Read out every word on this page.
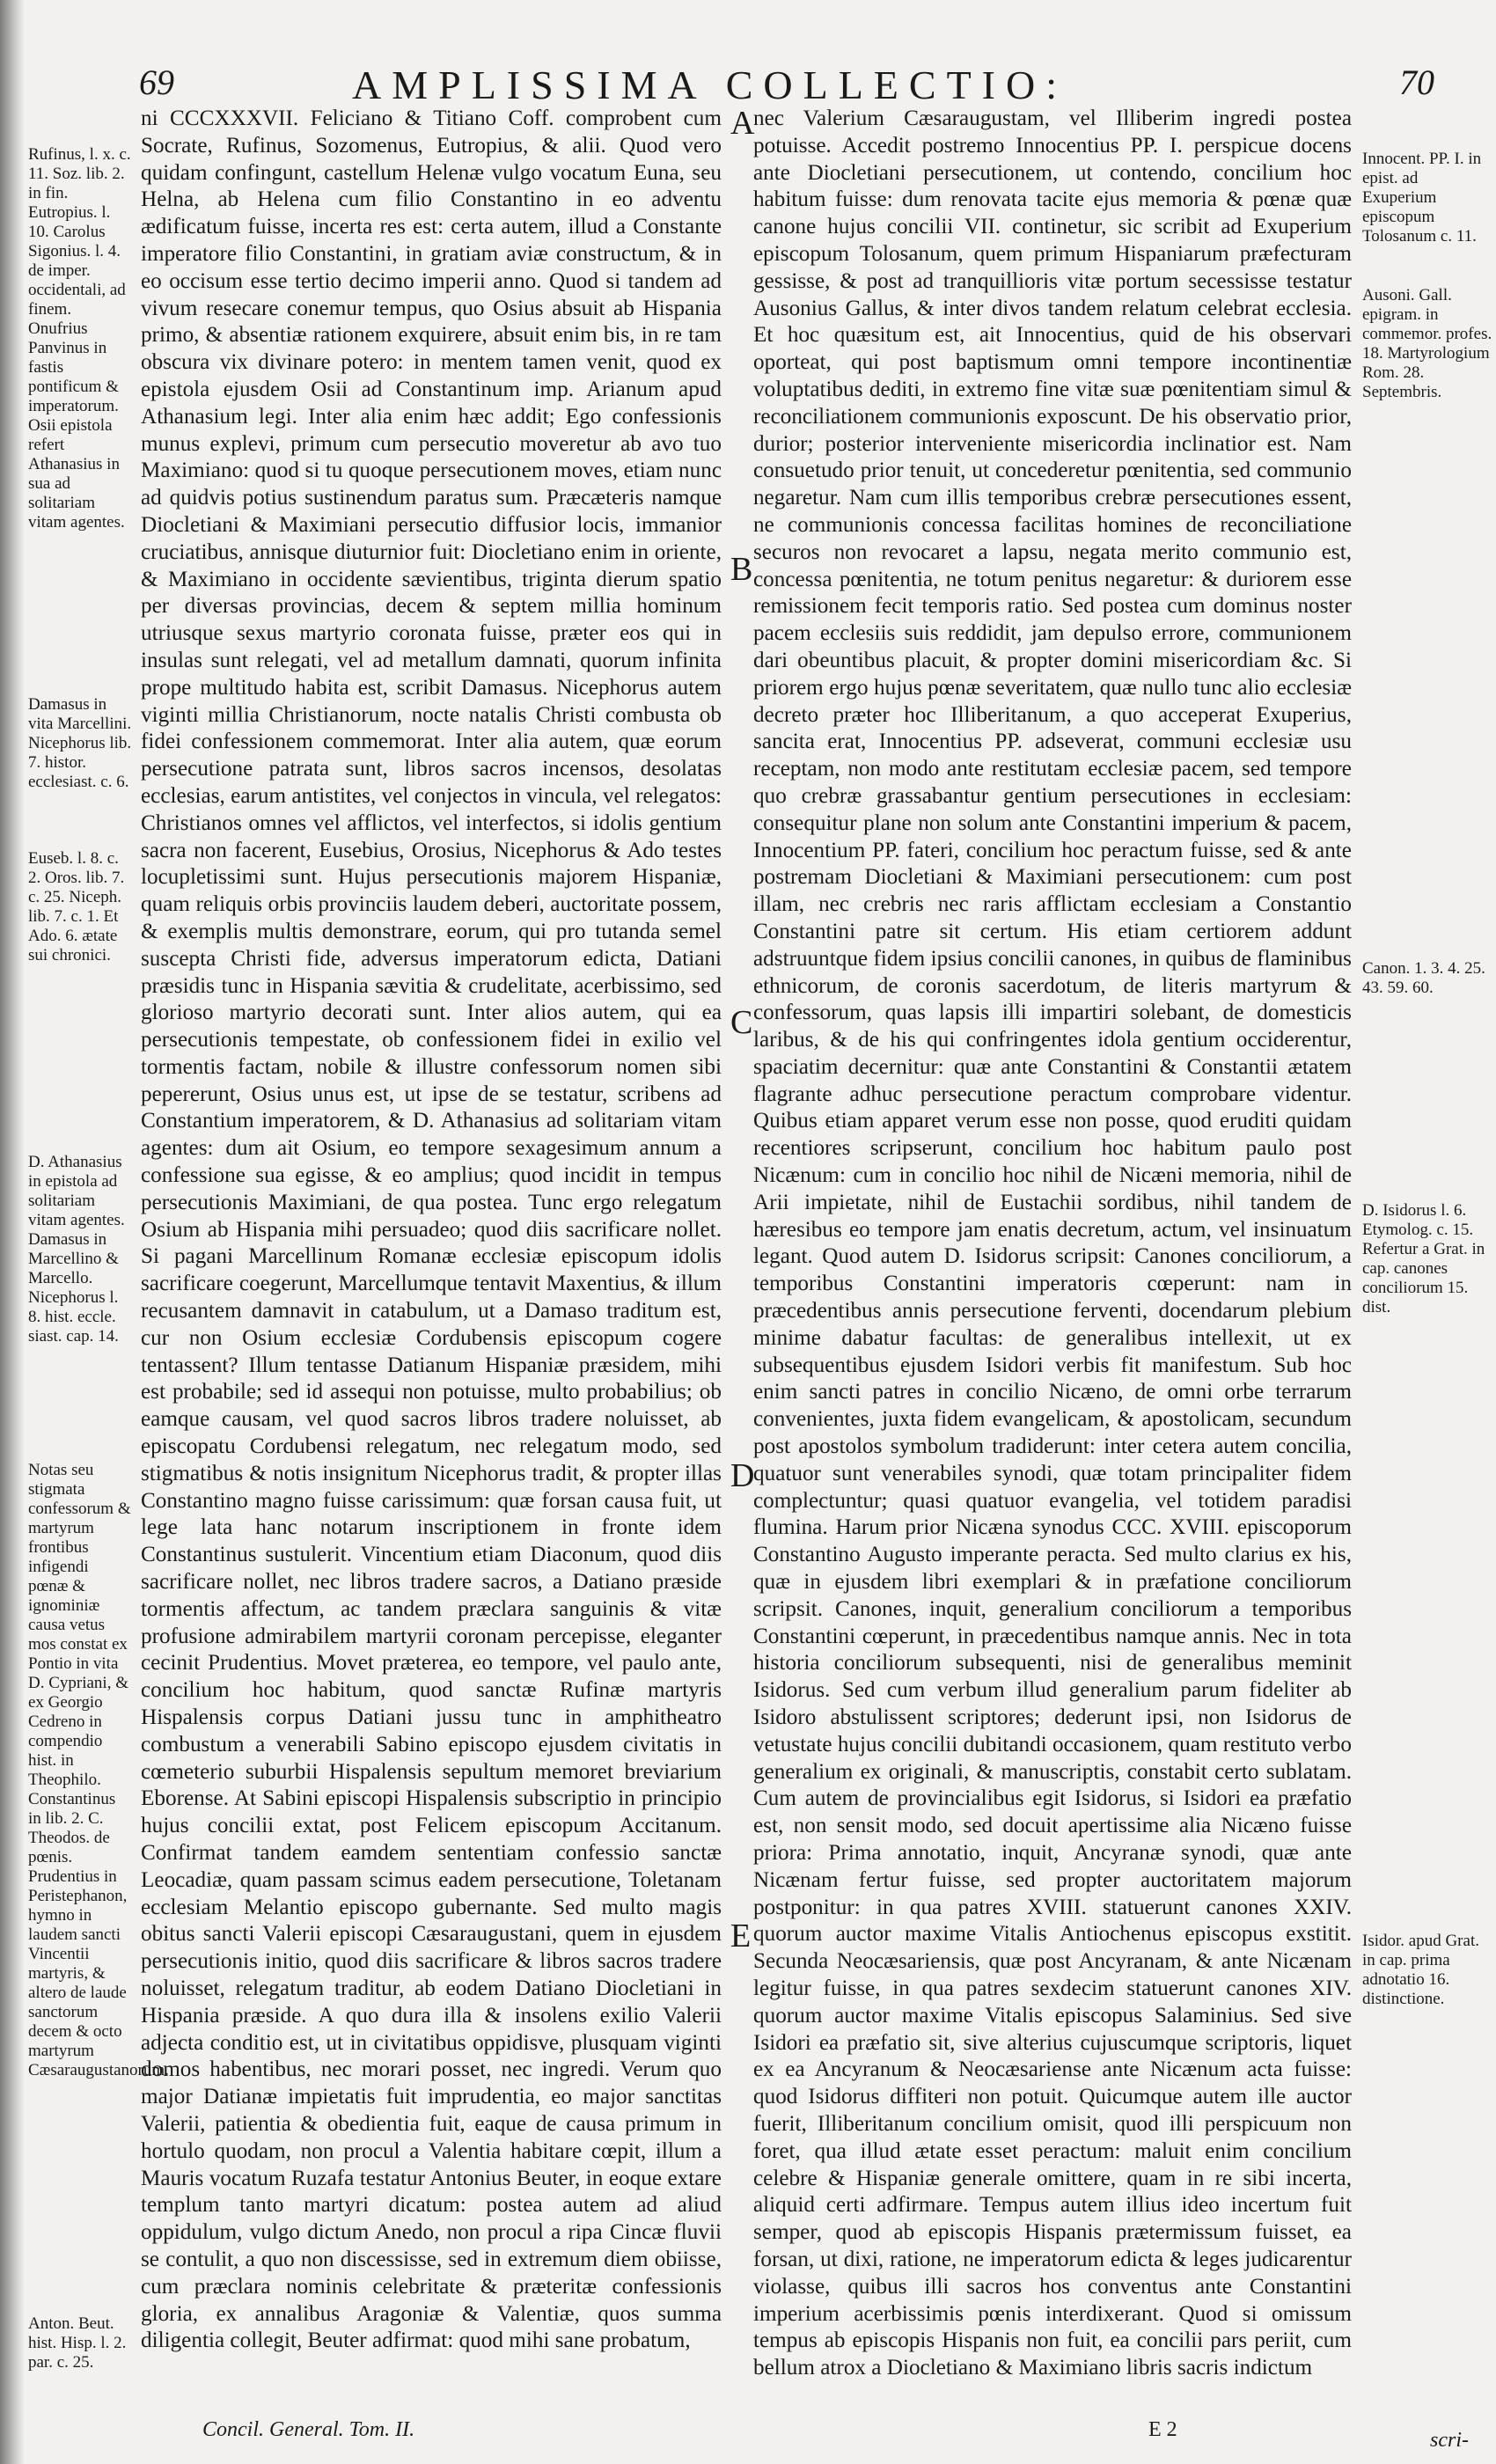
69	AMPLISSIMA COLLECTIO:	70

ni CCCXXXVII. Feliciano & Titiano Coff. comprobent cum Socrate, Rufinus, Sozomenus, Eutropius, & alii. Quod vero quidam confingunt, castellum Helenæ vulgo vocatum Euna, seu Helna, ab Helena cum filio Constantino in eo adventu ædificatum fuisse, incerta res est: certa autem, illud a Constante imperatore filio Constantini, in gratiam aviæ constructum, & in eo occisum esse tertio decimo imperii anno. Quod si tandem ad vivum resecare conemur tempus, quo Osius absuit ab Hispania primo, & absentiæ rationem exquirere, absuit enim bis, in re tam obscura vix divinare potero: in mentem tamen venit, quod ex epistola ejusdem Osii ad Constantinum imp. Arianum apud Athanasium legi. Inter alia enim hæc addit; Ego confessionis munus explevi, primum cum persecutio moveretur ab avo tuo Maximiano: quod si tu quoque persecutionem moves, etiam nunc ad quidvis potius sustinendum paratus sum. Præcæteris namque Diocletiani & Maximiani persecutio diffusior locis, immanior cruciatibus, annisque diuturnior fuit: Diocletiano enim in oriente, & Maximiano in occidente sævientibus, triginta dierum spatio per diversas provincias, decem & septem millia hominum utriusque sexus martyrio coronata fuisse, præter eos qui in insulas sunt relegati, vel ad metallum damnati, quorum infinita prope multitudo habita est, scribit Damasus. Nicephorus autem viginti millia Christianorum, nocte natalis Christi combusta ob fidei confessionem commemorat. Inter alia autem, quæ eorum persecutione patrata sunt, libros sacros incensos, desolatas ecclesias, earum antistites, vel conjectos in vincula, vel relegatos: Christianos omnes vel afflictos, vel interfectos, si idolis gentium sacra non facerent, Eusebius, Orosius, Nicephorus & Ado testes locupletissimi sunt. Hujus persecutionis majorem Hispaniæ, quam reliquis orbis provinciis laudem deberi, auctoritate possem, & exemplis multis demonstrare, eorum, qui pro tutanda semel suscepta Christi fide, adversus imperatorum edicta, Datiani præsidis tunc in Hispania sævitia & crudelitate, acerbissimo, sed glorioso martyrio decorati sunt. Inter alios autem, qui ea persecutionis tempestate, ob confessionem fidei in exilio vel tormentis factam, nobile & illustre confessorum nomen sibi pepererunt, Osius unus est, ut ipse de se testatur, scribens ad Constantium imperatorem, & D. Athanasius ad solitariam vitam agentes: dum ait Osium, eo tempore sexagesimum annum a confessione sua egisse, & eo amplius; quod incidit in tempus persecutionis Maximiani, de qua postea. Tunc ergo relegatum Osium ab Hispania mihi persuadeo; quod diis sacrificare nollet. Si pagani Marcellinum Romanæ ecclesiæ episcopum idolis sacrificare coegerunt, Marcellumque tentavit Maxentius, & illum recusantem damnavit in catabulum, ut a Damaso traditum est, cur non Osium ecclesiæ Cordubensis episcopum cogere tentassent? Illum tentasse Datianum Hispaniæ præsidem, mihi est probabile; sed id assequi non potuisse, multo probabilius; ob eamque causam, vel quod sacros libros tradere noluisset, ab episcopatu Cordubensi relegatum, nec relegatum modo, sed stigmatibus & notis insignitum Nicephorus tradit, & propter illas Constantino magno fuisse carissimum: quæ forsan causa fuit, ut lege lata hanc notarum inscriptionem in fronte idem Constantinus sustulerit. Vincentium etiam Diaconum, quod diis sacrificare nollet, nec libros tradere sacros, a Datiano præside tormentis affectum, ac tandem præclara sanguinis & vitæ profusione admirabilem martyrii coronam percepisse, eleganter cecinit Prudentius. Movet præterea, eo tempore, vel paulo ante, concilium hoc habitum, quod sanctæ Rufinæ martyris Hispalensis corpus Datiani jussu tunc in amphitheatro combustum a venerabili Sabino episcopo ejusdem civitatis in cœmeterio suburbii Hispalensis sepultum memoret breviarium Eborense. At Sabini episcopi Hispalensis subscriptio in principio hujus concilii extat, post Felicem episcopum Accitanum. Confirmat tandem eamdem sententiam confessio sanctæ Leocadiæ, quam passam scimus eadem persecutione, Toletanam ecclesiam Melantio episcopo gubernante. Sed multo magis obitus sancti Valerii episcopi Cæsaraugustani, quem in ejusdem persecutionis initio, quod diis sacrificare & libros sacros tradere noluisset, relegatum traditur, ab eodem Datiano Diocletiani in Hispania præside. A quo dura illa & insolens exilio Valerii adjecta conditio est, ut in civitatibus oppidisve, plusquam viginti domos habentibus, nec morari posset, nec ingredi. Verum quo major Datianæ impietatis fuit imprudentia, eo major sanctitas Valerii, patientia & obedientia fuit, eaque de causa primum in hortulo quodam, non procul a Valentia habitare cœpit, illum a Mauris vocatum Ruzafa testatur Antonius Beuter, in eoque extare templum tanto martyri dicatum: postea autem ad aliud oppidulum, vulgo dictum Anedo, non procul a ripa Cincæ fluvii se contulit, a quo non discessisse, sed in extremum diem obiisse, cum præclara nominis celebritate & præteritæ confessionis gloria, ex annalibus Aragoniæ & Valentiæ, quos summa diligentia collegit, Beuter adfirmat: quod mihi sane probatum,

nec Valerium Cæsaraugustam, vel Illiberim ingredi postea potuisse. Accedit postremo Innocentius PP. I. perspicue docens ante Diocletiani persecutionem, ut contendo, concilium hoc habitum fuisse: dum renovata tacite ejus memoria & pœnæ quæ canone hujus concilii VII. continetur, sic scribit ad Exuperium episcopum Tolosanum, quem primum Hispaniarum præfecturam gessisse, & post ad tranquillioris vitæ portum secessisse testatur Ausonius Gallus, & inter divos tandem relatum celebrat ecclesia. Et hoc quæsitum est, ait Innocentius, quid de his observari oporteat, qui post baptismum omni tempore incontinentiæ voluptatibus dediti, in extremo fine vitæ suæ pœnitentiam simul & reconciliationem communionis exposcunt. De his observatio prior, durior; posterior interveniente misericordia inclinatior est. Nam consuetudo prior tenuit, ut concederetur pœnitentia, sed communio negaretur. Nam cum illis temporibus crebræ persecutiones essent, ne communionis concessa facilitas homines de reconciliatione securos non revocaret a lapsu, negata merito communio est, concessa pœnitentia, ne totum penitus negaretur: & duriorem esse remissionem fecit temporis ratio. Sed postea cum dominus noster pacem ecclesiis suis reddidit, jam depulso errore, communionem dari obeuntibus placuit, & propter domini misericordiam &c. Si priorem ergo hujus pœnæ severitatem, quæ nullo tunc alio ecclesiæ decreto præter hoc Illiberitanum, a quo acceperat Exuperius, sancita erat, Innocentius PP. adseverat, communi ecclesiæ usu receptam, non modo ante restitutam ecclesiæ pacem, sed tempore quo crebræ grassabantur gentium persecutiones in ecclesiam: consequitur plane non solum ante Constantini imperium & pacem, Innocentium PP. fateri, concilium hoc peractum fuisse, sed & ante postremam Diocletiani & Maximiani persecutionem: cum post illam, nec crebris nec raris afflictam ecclesiam a Constantio Constantini patre sit certum. His etiam certiorem addunt adstruuntque fidem ipsius concilii canones, in quibus de flaminibus ethnicorum, de coronis sacerdotum, de literis martyrum & confessorum, quas lapsis illi impartiri solebant, de domesticis laribus, & de his qui confringentes idola gentium occiderentur, spaciatim decernitur: quæ ante Constantini & Constantii ætatem flagrante adhuc persecutione peractum comprobare videntur. Quibus etiam apparet verum esse non posse, quod eruditi quidam recentiores scripserunt, concilium hoc habitum paulo post Nicænum: cum in concilio hoc nihil de Nicæni memoria, nihil de Arii impietate, nihil de Eustachii sordibus, nihil tandem de hæresibus eo tempore jam enatis decretum, actum, vel insinuatum legant. Quod autem D. Isidorus scripsit: Canones conciliorum, a temporibus Constantini imperatoris cœperunt: nam in præcedentibus annis persecutione ferventi, docendarum plebium minime dabatur facultas: de generalibus intellexit, ut ex subsequentibus ejusdem Isidori verbis fit manifestum. Sub hoc enim sancti patres in concilio Nicæno, de omni orbe terrarum convenientes, juxta fidem evangelicam, & apostolicam, secundum post apostolos symbolum tradiderunt: inter cetera autem concilia, quatuor sunt venerabiles synodi, quæ totam principaliter fidem complectuntur; quasi quatuor evangelia, vel totidem paradisi flumina. Harum prior Nicæna synodus CCC. XVIII. episcoporum Constantino Augusto imperante peracta. Sed multo clarius ex his, quæ in ejusdem libri exemplari & in præfatione conciliorum scripsit. Canones, inquit, generalium conciliorum a temporibus Constantini cœperunt, in præcedentibus namque annis. Nec in tota historia conciliorum subsequenti, nisi de generalibus meminit Isidorus. Sed cum verbum illud generalium parum fideliter ab Isidoro abstulissent scriptores; dederunt ipsi, non Isidorus de vetustate hujus concilii dubitandi occasionem, quam restituto verbo generalium ex originali, & manuscriptis, constabit certo sublatam. Cum autem de provincialibus egit Isidorus, si Isidori ea præfatio est, non sensit modo, sed docuit apertissime alia Nicæno fuisse priora: Prima annotatio, inquit, Ancyranæ synodi, quæ ante Nicænam fertur fuisse, sed propter auctoritatem majorum postponitur: in qua patres XVIII. statuerunt canones XXIV. quorum auctor maxime Vitalis Antiochenus episcopus exstitit. Secunda Neocæsariensis, quæ post Ancyranam, & ante Nicænam legitur fuisse, in qua patres sexdecim statuerunt canones XIV. quorum auctor maxime Vitalis episcopus Salaminius. Sed sive Isidori ea præfatio sit, sive alterius cujuscumque scriptoris, liquet ex ea Ancyranum & Neocæsariense ante Nicænum acta fuisse: quod Isidorus diffiteri non potuit. Quicumque autem ille auctor fuerit, Illiberitanum concilium omisit, quod illi perspicuum non foret, qua illud ætate esset peractum: maluit enim concilium celebre & Hispaniæ generale omittere, quam in re sibi incerta, aliquid certi adfirmare. Tempus autem illius ideo incertum fuit semper, quod ab episcopis Hispanis prætermissum fuisset, ea forsan, ut dixi, ratione, ne imperatorum edicta & leges judicarentur violasse, quibus illi sacros hos conventus ante Constantini imperium acerbissimis pœnis interdixerant. Quod si omissum tempus ab episcopis Hispanis non fuit, ea concilii pars periit, cum bellum atrox a Diocletiano & Maximiano libris sacris indictum

A
B
C
D
E
Rufinus, l. x. c. 11. Soz. lib. 2. in fin. Eutropius. l. 10. Carolus Sigonius. l. 4. de imper. occidentali, ad finem. Onufrius Panvinus in fastis pontificum & imperatorum. Osii epistola refert Athanasius in sua ad solitariam vitam agentes.
Damasus in vita Marcellini. Nicephorus lib. 7. histor. ecclesiast. c. 6.
Euseb. l. 8. c. 2. Oros. lib. 7. c. 25. Niceph. lib. 7. c. 1. Et Ado. 6. ætate sui chronici.
D. Athanasius in epistola ad solitariam vitam agentes. Damasus in Marcellino & Marcello. Nicephorus l. 8. hist. eccle. siast. cap. 14.
Notas seu stigmata confessorum & martyrum frontibus infigendi pœnæ & ignominiæ causa vetus mos constat ex Pontio in vita D. Cypriani, & ex Georgio Cedreno in compendio hist. in Theophilo. Constantinus in lib. 2. C. Theodos. de pœnis. Prudentius in Peristephanon, hymno in laudem sancti Vincentii martyris, & altero de laude sanctorum decem & octo martyrum Cæsaraugustanorum.
Anton. Beut. hist. Hisp. l. 2. par. c. 25.
Innocent. PP. I. in epist. ad Exuperium episcopum Tolosanum c. 11.
Ausoni. Gall. epigram. in commemor. profes. 18. Martyrologium Rom. 28. Septembris.
Canon. 1. 3. 4. 25. 43. 59. 60.
D. Isidorus l. 6. Etymolog. c. 15. Refertur a Grat. in cap. canones conciliorum 15. dist.
Isidor. apud Grat. in cap. prima adnotatio 16. distinctione.
Concil. General. Tom. II.	E 2	scri-
